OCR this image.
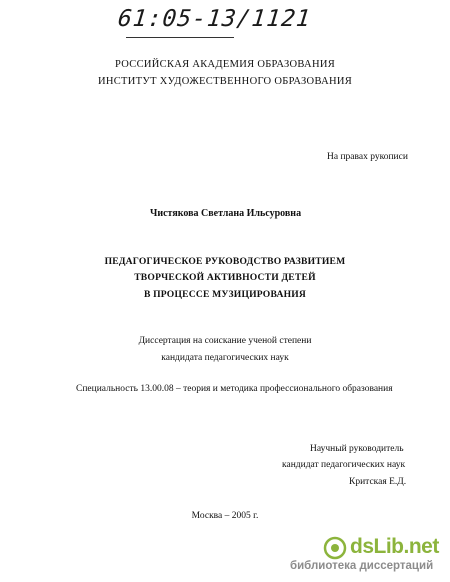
61:05-13/1121
РОССИЙСКАЯ АКАДЕМИЯ ОБРАЗОВАНИЯ
ИНСТИТУТ ХУДОЖЕСТВЕННОГО ОБРАЗОВАНИЯ
На правах рукописи
Чистякова Светлана Ильсуровна
ПЕДАГОГИЧЕСКОЕ РУКОВОДСТВО РАЗВИТИЕМ
ТВОРЧЕСКОЙ АКТИВНОСТИ ДЕТЕЙ
В ПРОЦЕССЕ МУЗИЦИРОВАНИЯ
Диссертация на соискание ученой степени
кандидата педагогических наук
Специальность 13.00.08 – теория и методика профессионального образования
Научный руководитель
кандидат педагогических наук
Критская Е.Д.
Москва – 2005 г.
dsLib.net
библиотека диссертаций
